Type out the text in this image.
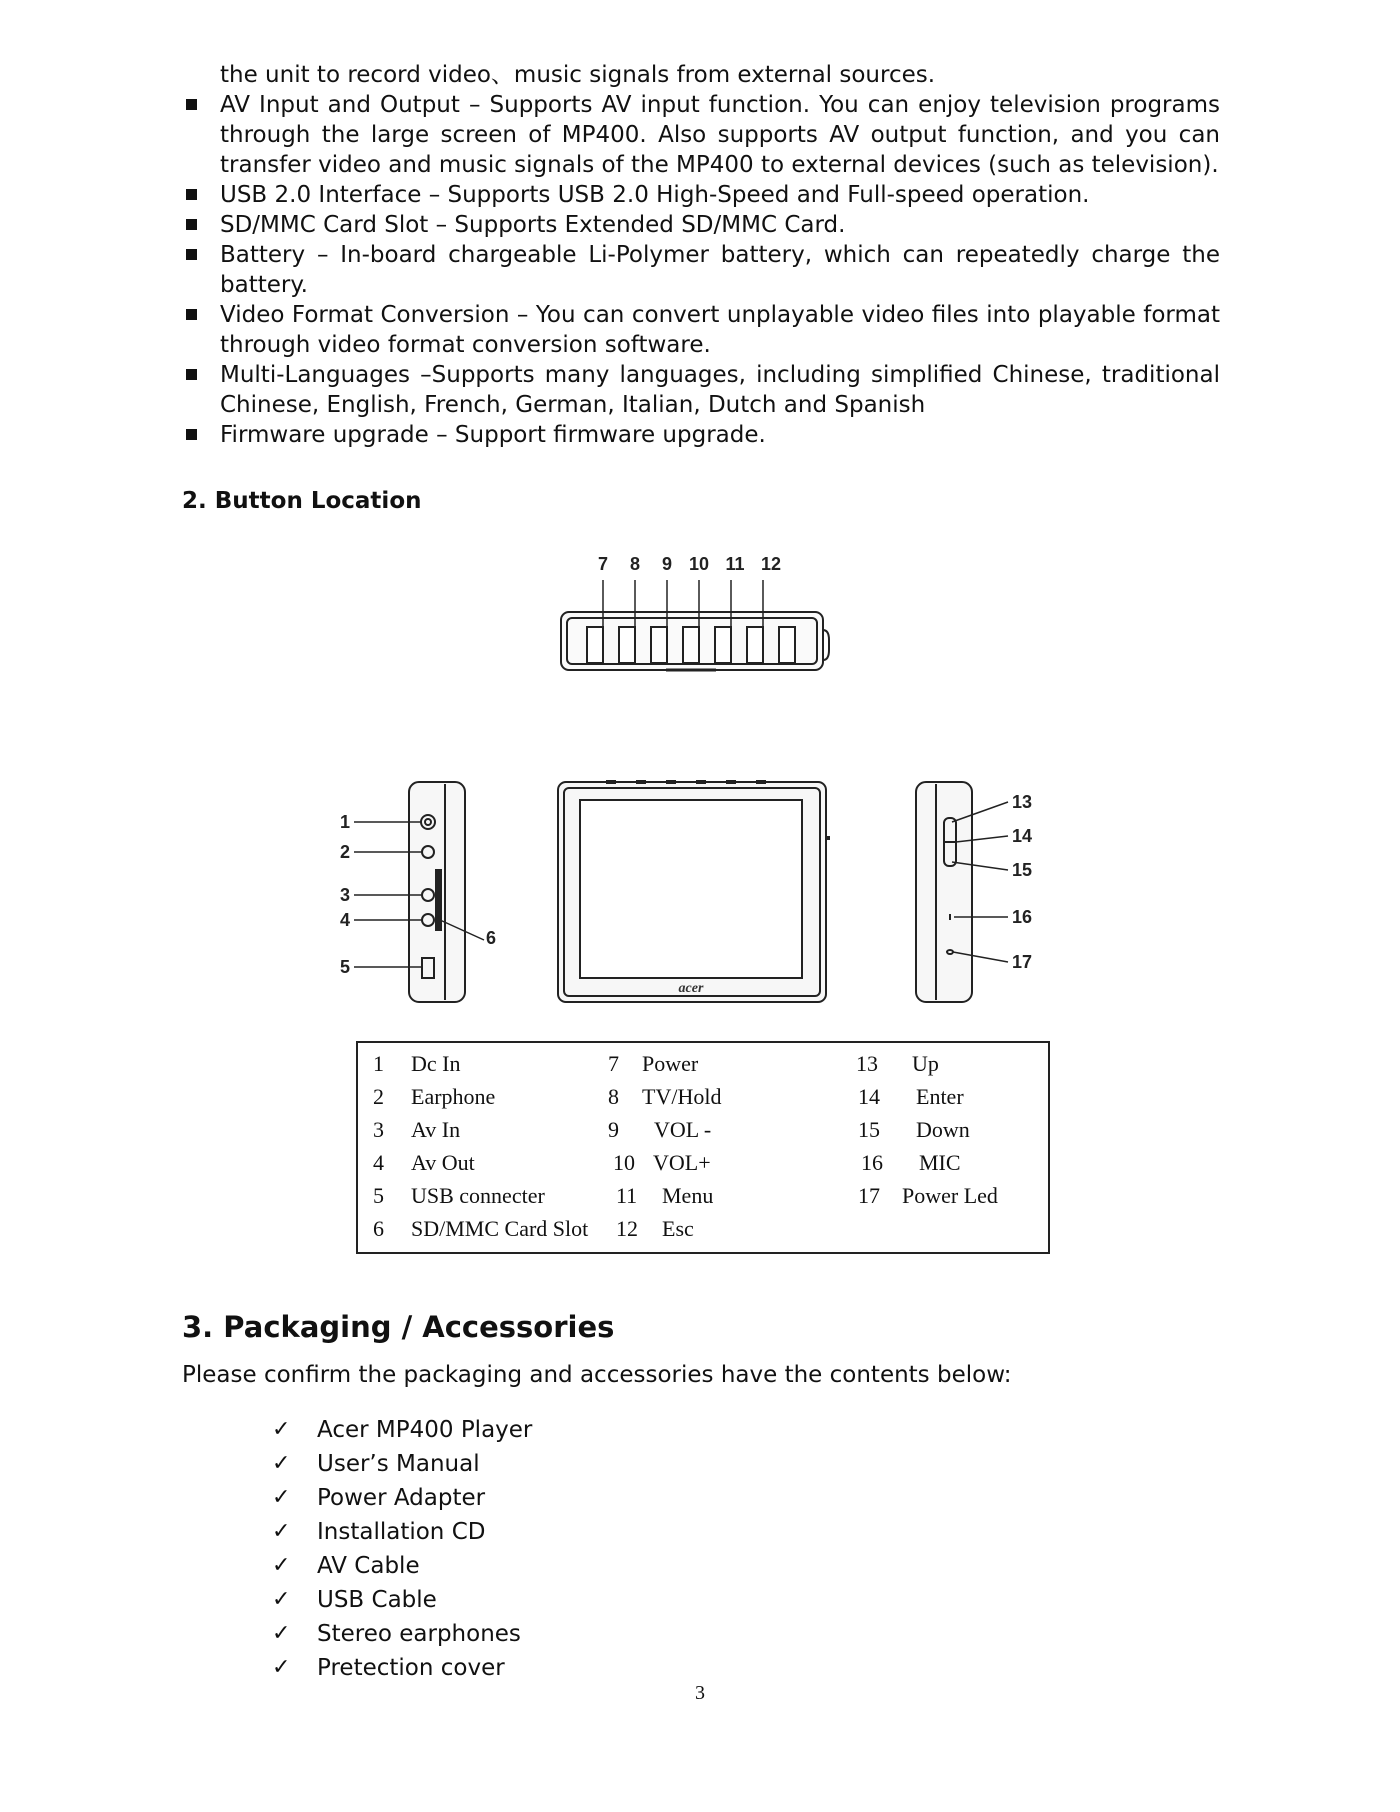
the unit to record video、music signals from external sources.
AV Input and Output – Supports AV input function. You can enjoy television programs through the large screen of MP400. Also supports AV output function, and you can transfer video and music signals of the MP400 to external devices (such as television).
USB 2.0 Interface – Supports USB 2.0 High-Speed and Full-speed operation.
SD/MMC Card Slot – Supports Extended SD/MMC Card.
Battery – In-board chargeable Li-Polymer battery, which can repeatedly charge the battery.
Video Format Conversion – You can convert unplayable video files into playable format through video format conversion software.
Multi-Languages –Supports many languages, including simplified Chinese, traditional Chinese, English, French, German, Italian, Dutch and Spanish
Firmware upgrade – Support firmware upgrade.
2. Button Location
7 8 9 10 11 12
acer
1
2
3
4
5
6
13
14
15
16
17
1 Dc In
2 Earphone
3 Av In
4 Av Out
5 USB connecter
6 SD/MMC Card Slot
7 Power
8 TV/Hold
9 VOL -
10 VOL+
11 Menu
12 Esc
13 Up
14 Enter
15 Down
16 MIC
17 Power Led
3. Packaging / Accessories

Please confirm the packaging and accessories have the contents below:

✓ Acer MP400 Player
✓ User’s Manual
✓ Power Adapter
✓ Installation CD
✓ AV Cable
✓ USB Cable
✓ Stereo earphones
✓ Pretection cover
3
